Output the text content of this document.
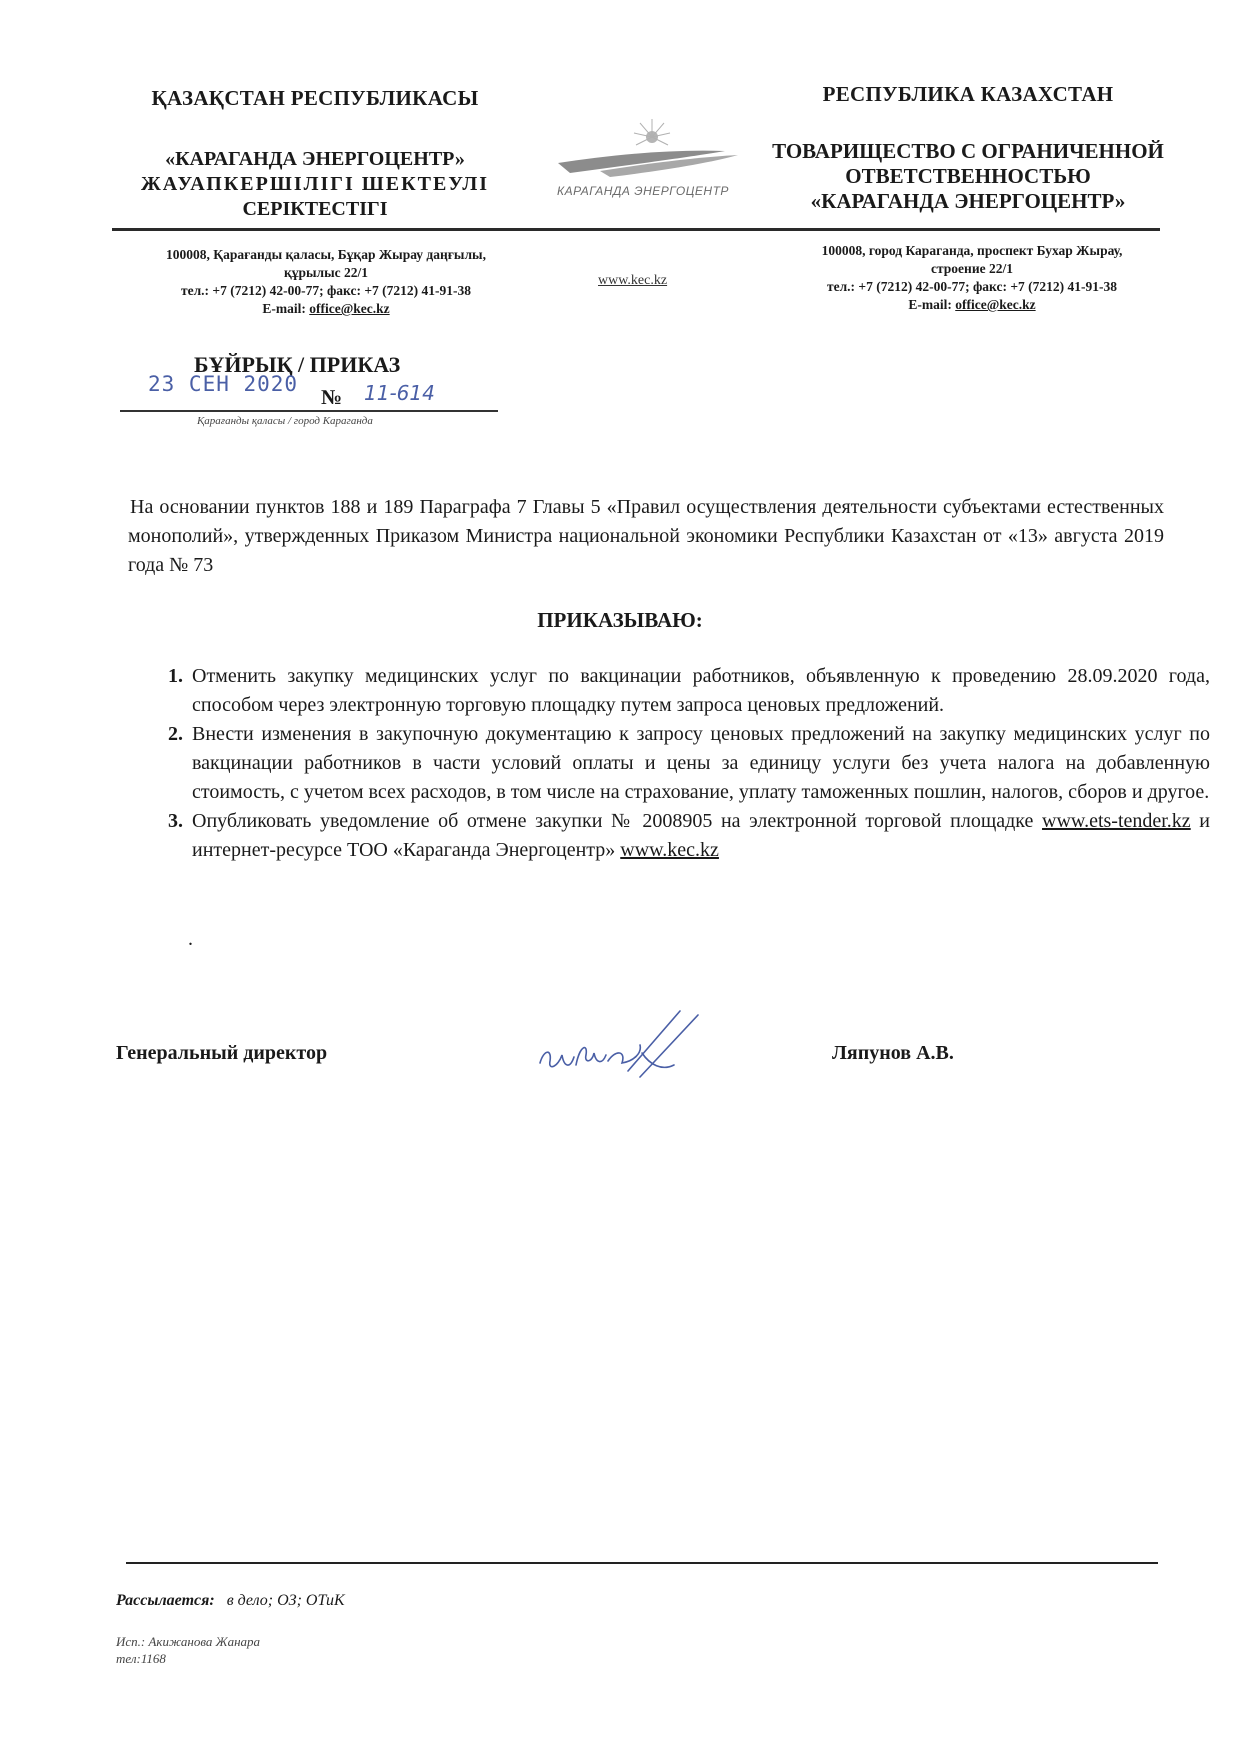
ҚАЗАҚСТАН РЕСПУБЛИКАСЫ
«КАРАГАНДА ЭНЕРГОЦЕНТР»
ЖАУАПКЕРШІЛІГІ ШЕКТЕУЛІ
СЕРІКТЕСТІГІ
КАРАГАНДА ЭНЕРГОЦЕНТР
РЕСПУБЛИКА КАЗАХСТАН
ТОВАРИЩЕСТВО С ОГРАНИЧЕННОЙ
ОТВЕТСТВЕННОСТЬЮ
«КАРАГАНДА ЭНЕРГОЦЕНТР»
100008, Қарағанды қаласы, Бұқар Жырау даңғылы,
құрылыс 22/1
тел.: +7 (7212) 42-00-77; факс: +7 (7212) 41-91-38
E-mail: office@kec.kz
www.kec.kz
100008, город Караганда, проспект Бухар Жырау,
строение 22/1
тел.: +7 (7212) 42-00-77; факс: +7 (7212) 41-91-38
E-mail: office@kec.kz
БҰЙРЫҚ / ПРИКАЗ
23 СЕН 2020
№ 11-614
Қарағанды қаласы / город Караганда
На основании пунктов 188 и 189 Параграфа 7 Главы 5 «Правил осуществления деятельности субъектами естественных монополий», утвержденных Приказом Министра национальной экономики Республики Казахстан от «13» августа 2019 года № 73
ПРИКАЗЫВАЮ:
1. Отменить закупку медицинских услуг по вакцинации работников, объявленную к проведению 28.09.2020 года, способом через электронную торговую площадку путем запроса ценовых предложений.
2. Внести изменения в закупочную документацию к запросу ценовых предложений на закупку медицинских услуг по вакцинации работников в части условий оплаты и цены за единицу услуги без учета налога на добавленную стоимость, с учетом всех расходов, в том числе на страхование, уплату таможенных пошлин, налогов, сборов и другое.
3. Опубликовать уведомление об отмене закупки № 2008905 на электронной торговой площадке www.ets-tender.kz и интернет-ресурсе ТОО «Караганда Энергоцентр» www.kec.kz
.
Генеральный директор	Ляпунов А.В.
Рассылается: в дело; ОЗ; ОТиК
Исп.: Акижанова Жанара
тел:1168
